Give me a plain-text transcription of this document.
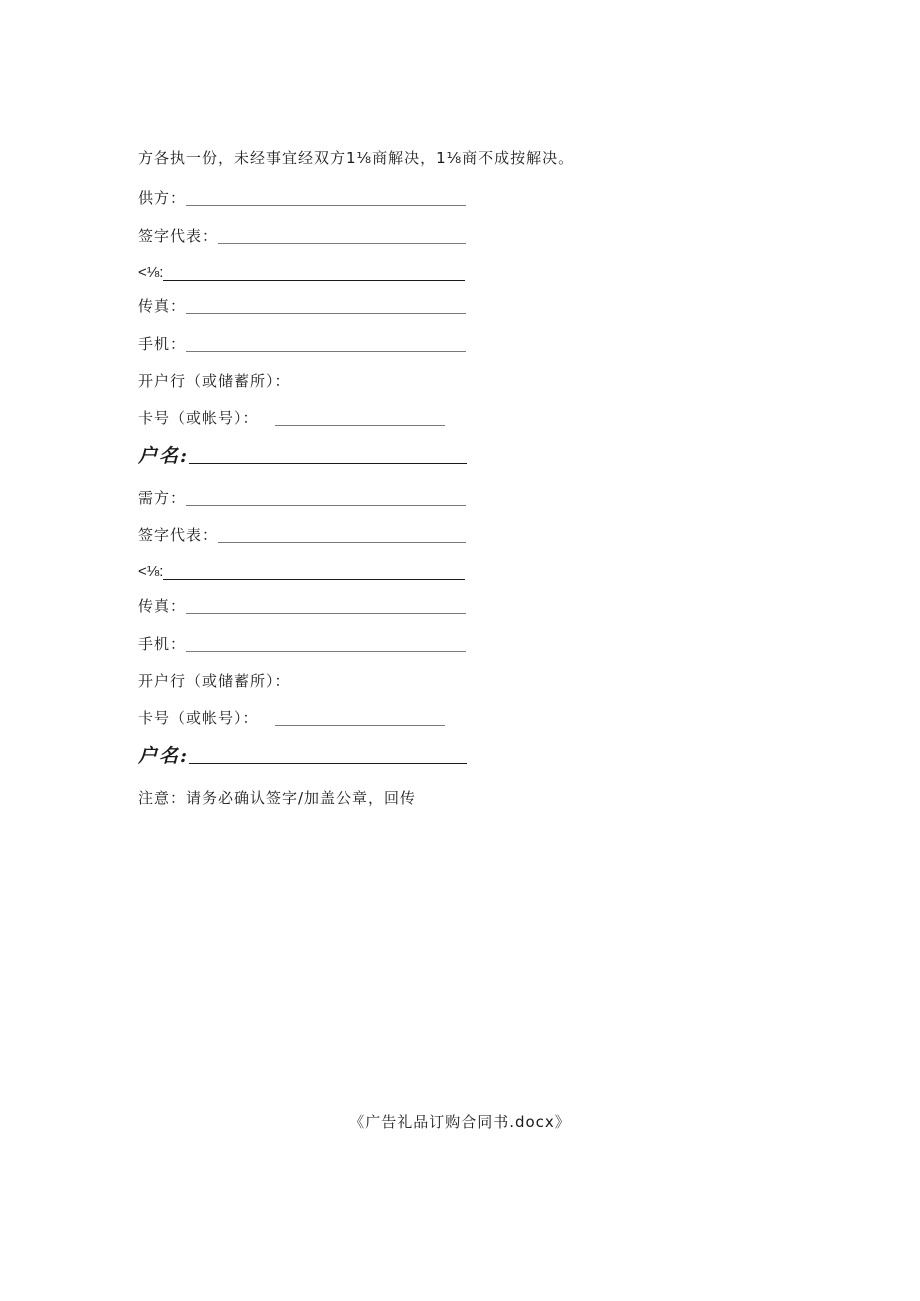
方各执一份，未经事宜经双方1⅛商解决，1⅛商不成按解决。
供方：
签字代表：
<⅛:
传真：
手机：
开户行（或储蓄所）：
卡号（或帐号）：
户名:
需方：
签字代表：
<⅛:
传真：
手机：
开户行（或储蓄所）：
卡号（或帐号）：
户名:
注意：请务必确认签字/加盖公章，回传
《广告礼品订购合同书.docx》
